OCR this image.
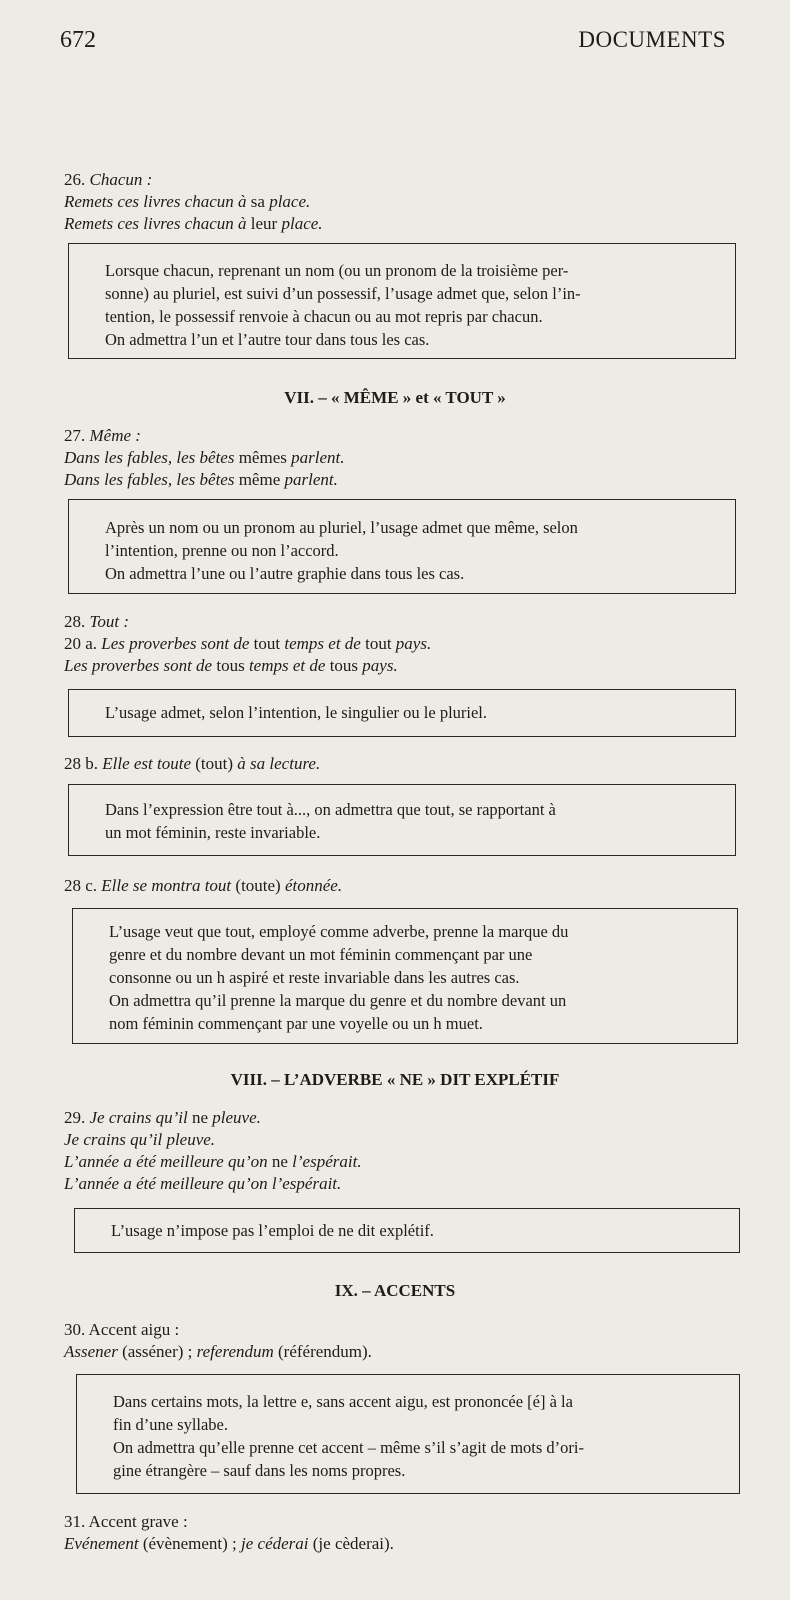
672	DOCUMENTS
26. Chacun :
Remets ces livres chacun à sa place.
Remets ces livres chacun à leur place.
Lorsque chacun, reprenant un nom (ou un pronom de la troisième per-
sonne) au pluriel, est suivi d’un possessif, l’usage admet que, selon l’in-
tention, le possessif renvoie à chacun ou au mot repris par chacun.
On admettra l’un et l’autre tour dans tous les cas.
VII. – « MÊME » et « TOUT »
27. Même :
Dans les fables, les bêtes mêmes parlent.
Dans les fables, les bêtes même parlent.
Après un nom ou un pronom au pluriel, l’usage admet que même, selon
l’intention, prenne ou non l’accord.
On admettra l’une ou l’autre graphie dans tous les cas.
28. Tout :
20 a. Les proverbes sont de tout temps et de tout pays.
Les proverbes sont de tous temps et de tous pays.
L’usage admet, selon l’intention, le singulier ou le pluriel.
28 b. Elle est toute (tout) à sa lecture.
Dans l’expression être tout à..., on admettra que tout, se rapportant à
un mot féminin, reste invariable.
28 c. Elle se montra tout (toute) étonnée.
L’usage veut que tout, employé comme adverbe, prenne la marque du
genre et du nombre devant un mot féminin commençant par une
consonne ou un h aspiré et reste invariable dans les autres cas.
On admettra qu’il prenne la marque du genre et du nombre devant un
nom féminin commençant par une voyelle ou un h muet.
VIII. – L’ADVERBE « NE » DIT EXPLÉTIF
29. Je crains qu’il ne pleuve.
Je crains qu’il pleuve.
L’année a été meilleure qu’on ne l’espérait.
L’année a été meilleure qu’on l’espérait.
L’usage n’impose pas l’emploi de ne dit explétif.
IX. – ACCENTS
30. Accent aigu :
Assener (asséner) ; referendum (référendum).
Dans certains mots, la lettre e, sans accent aigu, est prononcée [é] à la
fin d’une syllabe.
On admettra qu’elle prenne cet accent – même s’il s’agit de mots d’ori-
gine étrangère – sauf dans les noms propres.
31. Accent grave :
Evénement (évènement) ; je céderai (je cèderai).
